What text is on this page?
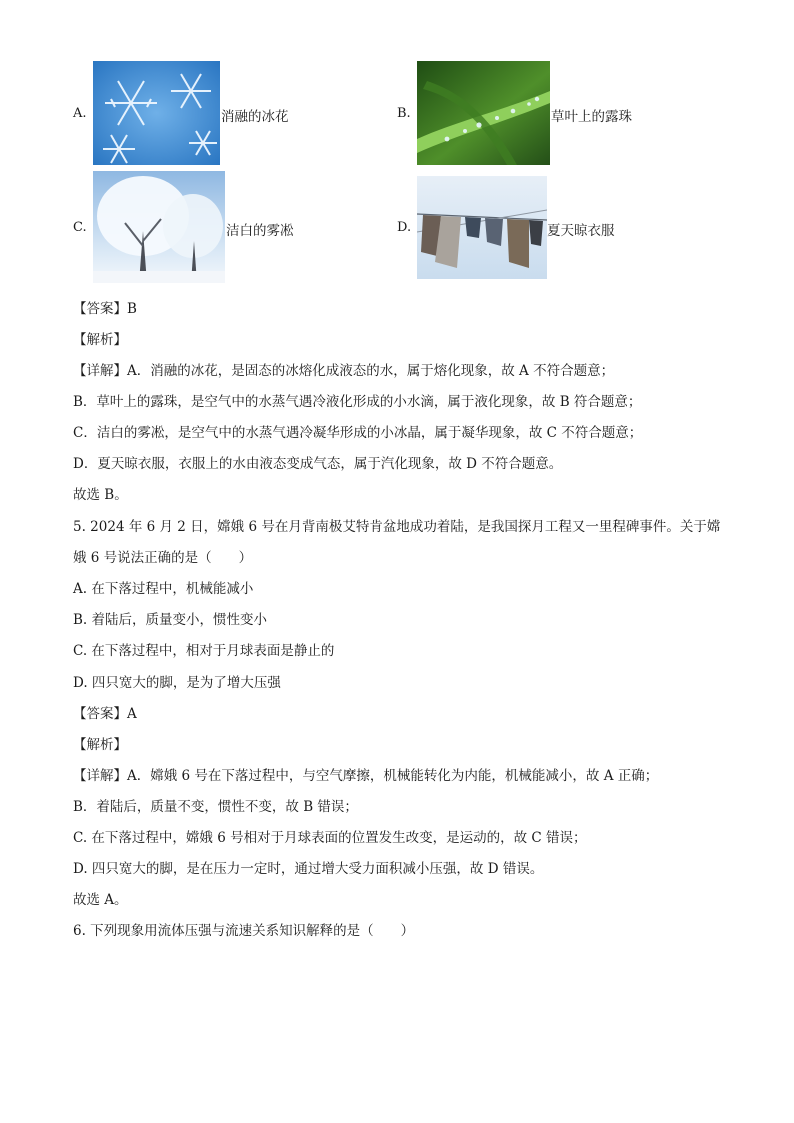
A.	消融的冰花	B.	草叶上的露珠
C.	洁白的雾凇	D.	夏天晾衣服
【答案】B
【解析】
【详解】A．消融的冰花，是固态的冰熔化成液态的水，属于熔化现象，故 A 不符合题意；
B．草叶上的露珠，是空气中的水蒸气遇冷液化形成的小水滴，属于液化现象，故 B 符合题意；
C．洁白的雾凇，是空气中的水蒸气遇冷凝华形成的小冰晶，属于凝华现象，故 C 不符合题意；
D．夏天晾衣服，衣服上的水由液态变成气态，属于汽化现象，故 D 不符合题意。
故选 B。
5. 2024 年 6 月 2 日，嫦娥 6 号在月背南极艾特肯盆地成功着陆，是我国探月工程又一里程碑事件。关于嫦
娥 6 号说法正确的是（　　）
A. 在下落过程中，机械能减小
B. 着陆后，质量变小，惯性变小
C. 在下落过程中，相对于月球表面是静止的
D. 四只宽大的脚，是为了增大压强
【答案】A
【解析】
【详解】A．嫦娥 6 号在下落过程中，与空气摩擦，机械能转化为内能，机械能减小，故 A 正确；
B．着陆后，质量不变，惯性不变，故 B 错误；
C. 在下落过程中，嫦娥 6 号相对于月球表面的位置发生改变，是运动的，故 C 错误；
D. 四只宽大的脚，是在压力一定时，通过增大受力面积减小压强，故 D 错误。
故选 A。
6. 下列现象用流体压强与流速关系知识解释的是（　　）
